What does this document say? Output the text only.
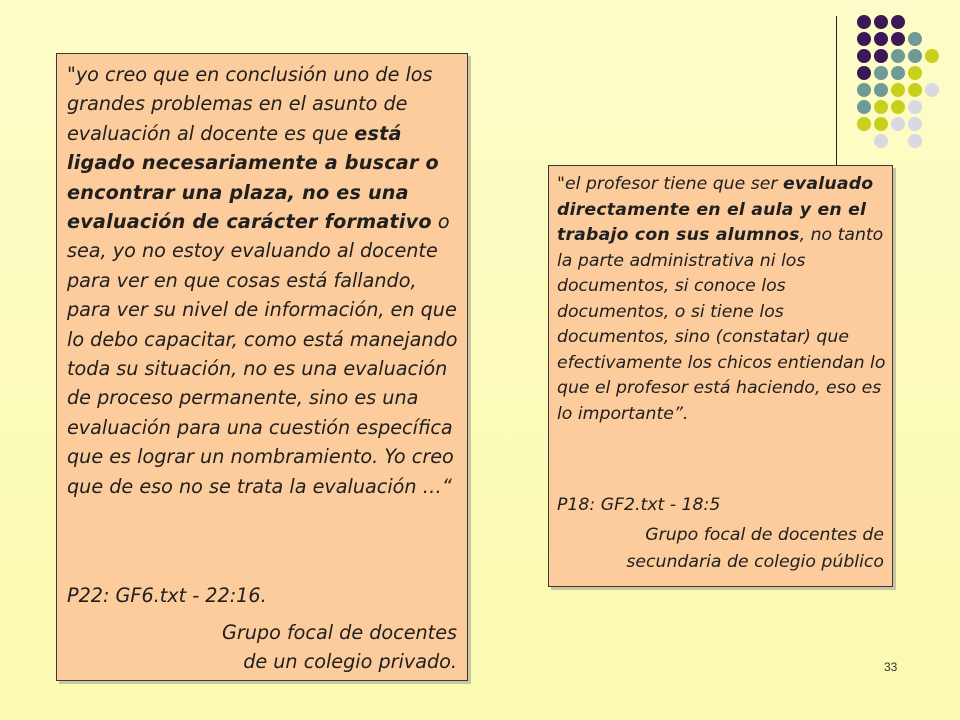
"yo creo que en conclusión uno de los grandes problemas en el asunto de evaluación al docente es que está ligado necesariamente a buscar o encontrar una plaza, no es una evaluación de carácter formativo o sea, yo no estoy evaluando al docente para ver en que cosas está fallando, para ver su nivel de información, en que lo debo capacitar, como está manejando toda su situación, no es una evaluación de proceso permanente, sino es una evaluación para una cuestión específica que es lograr un nombramiento. Yo creo que de eso no se trata la evaluación …“

P22: GF6.txt - 22:16.

Grupo focal de docentes
de un colegio privado.

"el profesor tiene que ser evaluado directamente en el aula y en el trabajo con sus alumnos, no tanto la parte administrativa ni los documentos, si conoce los documentos, o si tiene los documentos, sino (constatar) que efectivamente los chicos entiendan lo que el profesor está haciendo, eso es lo importante”.

P18: GF2.txt - 18:5

Grupo focal de docentes de
secundaria de colegio público

33
